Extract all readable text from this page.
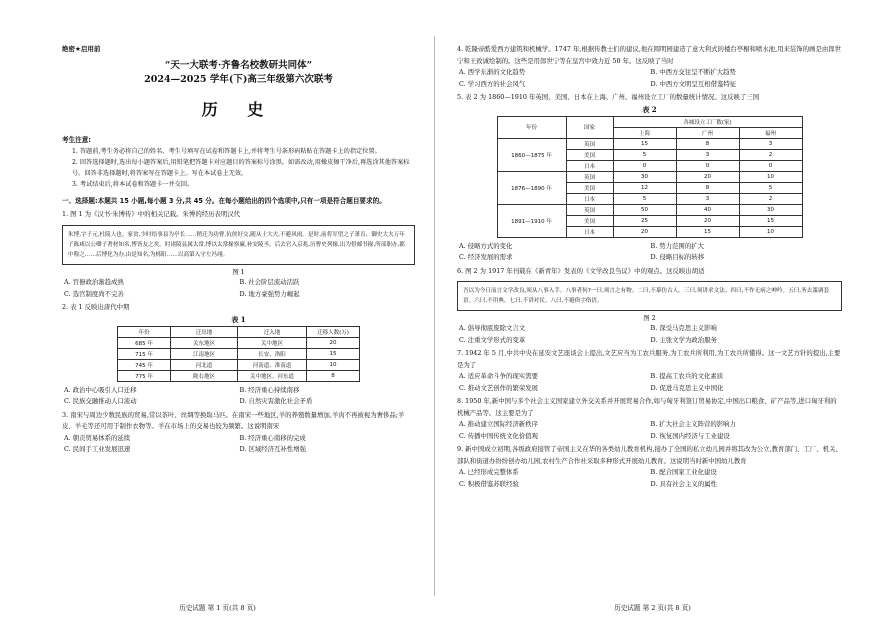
绝密★启用前
“天一大联考·齐鲁名校教研共同体”
2024—2025 学年(下)高三年级第六次联考
历 史
考生注意:

1. 答题前,考生务必将自己的姓名、考生号填写在试卷和答题卡上,并将考生号条形码粘贴在答题卡上的指定位置。

2. 回答选择题时,选出每小题答案后,用铅笔把答题卡对应题目的答案标号涂黑。如需改动,用橡皮擦干净后,再选涂其他答案标号。回答非选择题时,将答案写在答题卡上。写在本试卷上无效。

3. 考试结束后,将本试卷和答题卡一并交回。

一、选择题:本题共 15 小题,每小题 3 分,共 45 分。在每小题给出的四个选项中,只有一项是符合题目要求的。
1. 图 1 为《汉书·朱博传》中的相关记载。朱博的经历表明汉代
朱博,字子元,杜陵人也。家贫,少时给事县为亭长……稍迁为功曹,伉侠好交,随从士大夫,不避风雨。是时,前将军望之子萧育、御史大夫万年子陈咸以公卿子著材知名,博皆友之矣。时诸陵县属太常,博以太常掾察廉,补安陵丞。后去官入京兆,历曹史列掾,出为督邮书掾,所部职办,郡中称之……后博化为办,由是知名,为栎阳……以高第入守左冯翊。
图 1
A. 官僚政治渐趋成熟	B. 社会阶层流动活跃
C. 选官制度尚不完善	D. 地方豪强势力崛起
2. 表 1 反映出唐代中期
表 1
年份	迁出地	迁入地	迁移人数(万)
685 年	关东地区	关中地区	20
715 年	江南地区	长安、洛阳	15
745 年	河北道	河南道、淮南道	10
775 年	陇右地区	关中地区、河东道	8
A. 政治中心吸引人口迁移	B. 经济重心持续南移
C. 民族交融推动人口流动	D. 自然灾害激化社会矛盾
3. 南宋与周边少数民族的贸易,常以茶叶、丝绸等换取马匹。在南宋一些地区,羊的养殖数量增加,羊肉不再被视为奢侈品;羊皮、羊毛等还可用于制作衣物等。羊在市场上的交易也较为频繁。这说明南宋
A. 朝贡贸易体系的延续	B. 经济重心南移的完成
C. 民间手工业发展迅速	D. 区域经济互补性增强
历史试题 第 1 页(共 8 页)
4. 乾隆帝酷爱西方建筑和机械学。1747 年,根据传教士们的建议,他在圆明园建造了意大利式的楼台亭榭和喷水池,用来装饰的画是由郎世宁和王致诚绘制的。这些是用郎世宁等在皇宫中效力近 50 年。这反映了当时
A. 西学东渐的文化趋势	B. 中西方交往呈不断扩大趋势
C. 学习西方的社会风气	D. 中西方文明呈互相借鉴特征
5. 表 2 为 1860—1910 年英国、美国、日本在上海、广州、福州设立工厂的数量统计情况。这反映了三国
表 2
年份	国家	各城设立工厂数(家)		
		上海	广州	福州
1860—1875 年	英国	15	8	3
	美国	5	3	2
	日本	0	0	0
1876—1890 年	英国	30	20	10
	美国	12	8	5
	日本	5	3	2
1891—1910 年	英国	50	40	30
	美国	25	20	15
	日本	20	15	10
A. 侵略方式的变化	B. 势力范围的扩大
C. 经济发展的需求	D. 侵略目标的转移
6. 图 2 为 1917 年刊载在《新青年》发表的《文学改良刍议》中的观点。这反映出胡适
吾以为今日而言文学改良,须从八事入手。八事者何?一曰,须言之有物。二曰,不摹仿古人。三曰,须讲求文法。四曰,不作无病之呻吟。五曰,务去滥调套语。六曰,不用典。七曰,不讲对仗。八曰,不避俗字俗语。
图 2
A. 倡导彻底废除文言文	B. 深受马克思主义影响
C. 注重文学形式的变革	D. 主张文学为政治服务
7. 1942 年 5 月,中共中央在延安文艺座谈会上提出,文艺应当为工农兵服务,为工农兵所利用,为工农兵所懂得。这一文艺方针的提出,主要是为了
A. 适应革命斗争的现实需要	B. 提高工农兵的文化素质
C. 推动文艺创作的繁荣发展	D. 促进马克思主义中国化
8. 1950 年,新中国与多个社会主义国家建立外交关系并开展贸易合作,如与匈牙利签订贸易协定,中国出口粮食、矿产品等,进口匈牙利的机械产品等。这主要是为了
A. 推动建立国际经济新秩序	B. 扩大社会主义阵营的影响力
C. 传播中国传统文化价值观	D. 恢复国内经济与工业建设
9. 新中国成立初期,各级政府接管了帝国主义在华的各类幼儿教育机构,接办了全国的私立幼儿园并将其改为公立,教育部门、工厂、机关、部队和街道办纷纷创办幼儿园,农村生产合作社采取多种形式开展幼儿教育。这说明当时新中国幼儿教育
A. 已经形成完整体系	B. 配合国家工业化建设
C. 积极借鉴苏联经验	D. 具有社会主义的属性
历史试题 第 2 页(共 8 页)
